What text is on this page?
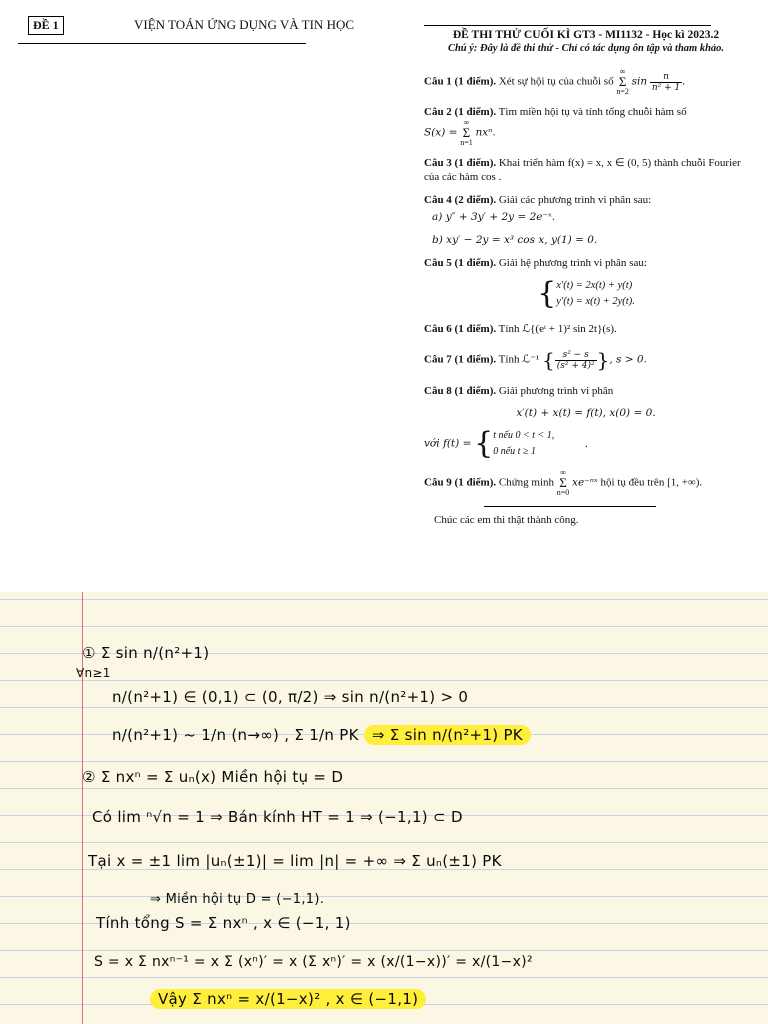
ĐỀ 1	VIỆN TOÁN ỨNG DỤNG VÀ TIN HỌC
ĐỀ THI THỬ CUỐI KÌ GT3 - MI1132 - Học kì 2023.2
Chú ý: Đây là đề thi thử - Chỉ có tác dụng ôn tập và tham khảo.
Câu 1 (1 điểm). Xét sự hội tụ của chuỗi số ∞
Σ
n=2 $\sin \frac{n}{\text{n² + 1}}$ .
Câu 2 (1 điểm). Tìm miền hội tụ và tính tổng chuỗi hàm số
S(x) = ∞
Σ
n=1 nxⁿ.
Câu 3 (1 điểm). Khai triển hàm f(x) = x, x ∈ (0, 5) thành chuỗi Fourier của các hàm cos .
Câu 4 (2 điểm). Giải các phương trình vi phân sau:
a) y″ + 3y′ + 2y = 2e⁻ˣ.
b) xy′ − 2y = x³ cos x, y(1) = 0.
Câu 5 (1 điểm). Giải hệ phương trình vi phân sau:
{x′(t) = 2x(t) + y(t)
y′(t) = x(t) + 2y(t).
Câu 6 (1 điểm). Tính ℒ{(eᵗ + 1)² sin 2t}(s).
Câu 7 (1 điểm). Tính ℒ⁻¹ { $\frac{\text{s² − s}}{\text{(s² + 4)²}}$ }, s > 0.
Câu 8 (1 điểm). Giải phương trình vi phân
x′(t) + x(t) = f(t), x(0) = 0.
với f(t) = {t nếu 0 < t < 1,
0 nếu t ≥ 1 .
Câu 9 (1 điểm). Chứng minh ∞
Σ
n=0 xe⁻ⁿˣ hội tụ đều trên [1, +∞).
Chúc các em thi thật thành công.
① Σ sin n/(n²+1)
∀n≥1
n/(n²+1) ∈ (0,1) ⊂ (0, π/2) ⇒ sin n/(n²+1) > 0
n/(n²+1) ~ 1/n (n→∞) , Σ 1/n PK ⇒ Σ sin n/(n²+1) PK
② Σ nxⁿ = Σ uₙ(x) Miền hội tụ = D
Có lim ⁿ√n = 1 ⇒ Bán kính HT = 1 ⇒ (−1,1) ⊂ D
Tại x = ±1 lim |uₙ(±1)| = lim |n| = +∞ ⇒ Σ uₙ(±1) PK
⇒ Miền hội tụ D = (−1,1).
Tính tổng S = Σ nxⁿ , x ∈ (−1, 1)
S = x Σ nxⁿ⁻¹ = x Σ (xⁿ)′ = x (Σ xⁿ)′ = x (x/(1−x))′ = x/(1−x)²
Vậy Σ nxⁿ = x/(1−x)² , x ∈ (−1,1)
